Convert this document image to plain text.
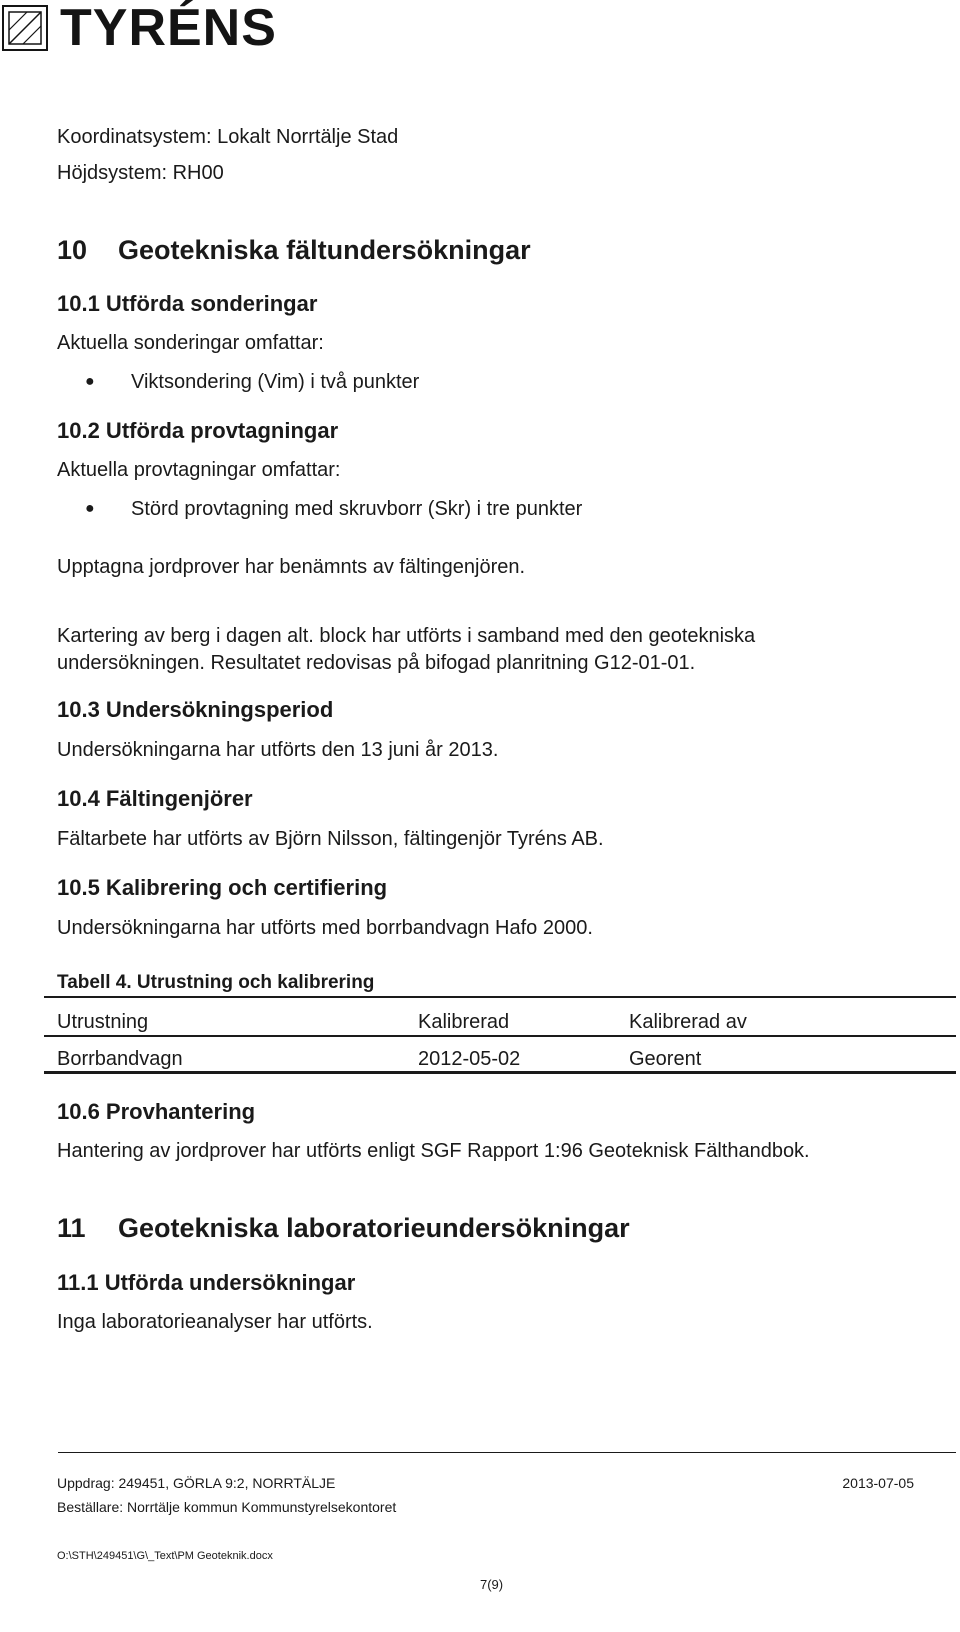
TYRÉNS
Koordinatsystem: Lokalt Norrtälje Stad
Höjdsystem: RH00
10 Geotekniska fältundersökningar
10.1 Utförda sonderingar
Aktuella sonderingar omfattar:
● Viktsondering (Vim) i två punkter
10.2 Utförda provtagningar
Aktuella provtagningar omfattar:
● Störd provtagning med skruvborr (Skr) i tre punkter
Upptagna jordprover har benämnts av fältingenjören.
Kartering av berg i dagen alt. block har utförts i samband med den geotekniska
undersökningen. Resultatet redovisas på bifogad planritning G12-01-01.
10.3 Undersökningsperiod
Undersökningarna har utförts den 13 juni år 2013.
10.4 Fältingenjörer
Fältarbete har utförts av Björn Nilsson, fältingenjör Tyréns AB.
10.5 Kalibrering och certifiering
Undersökningarna har utförts med borrbandvagn Hafo 2000.
Tabell 4. Utrustning och kalibrering
Utrustning	Kalibrerad	Kalibrerad av
Borrbandvagn	2012-05-02	Georent
10.6 Provhantering
Hantering av jordprover har utförts enligt SGF Rapport 1:96 Geoteknisk Fälthandbok.
11 Geotekniska laboratorieundersökningar
11.1 Utförda undersökningar
Inga laboratorieanalyser har utförts.
Uppdrag: 249451, GÖRLA 9:2, NORRTÄLJE	2013-07-05
Beställare: Norrtälje kommun Kommunstyrelsekontoret
O:\STH\249451\G\_Text\PM Geoteknik.docx
7(9)
